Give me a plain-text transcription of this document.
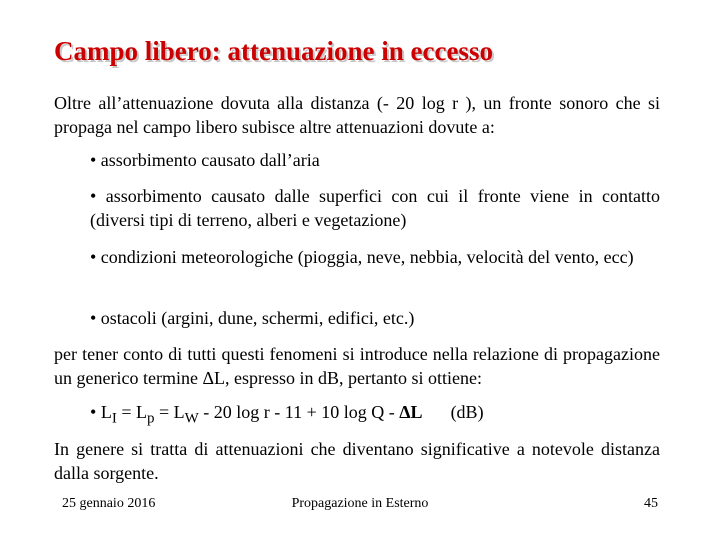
Campo libero: attenuazione in eccesso
Oltre all’attenuazione dovuta alla distanza (- 20 log r ), un fronte sonoro che si propaga nel campo libero subisce altre attenuazioni dovute a:
• assorbimento causato dall’aria
• assorbimento causato dalle superfici con cui il fronte viene in contatto (diversi tipi di terreno, alberi e vegetazione)
• condizioni meteorologiche (pioggia, neve, nebbia, velocità del vento, ecc)
• ostacoli (argini, dune, schermi, edifici, etc.)
per tener conto di tutti questi fenomeni si introduce nella relazione di propagazione un generico termine ΔL, espresso in dB, pertanto si ottiene:
• $L_I = L_p = L_W - 20$ log r - 11 + 10 log Q - ΔL (dB)
In genere si tratta di attenuazioni che diventano significative a notevole distanza dalla sorgente.
25 gennaio 2016	Propagazione in Esterno	45
